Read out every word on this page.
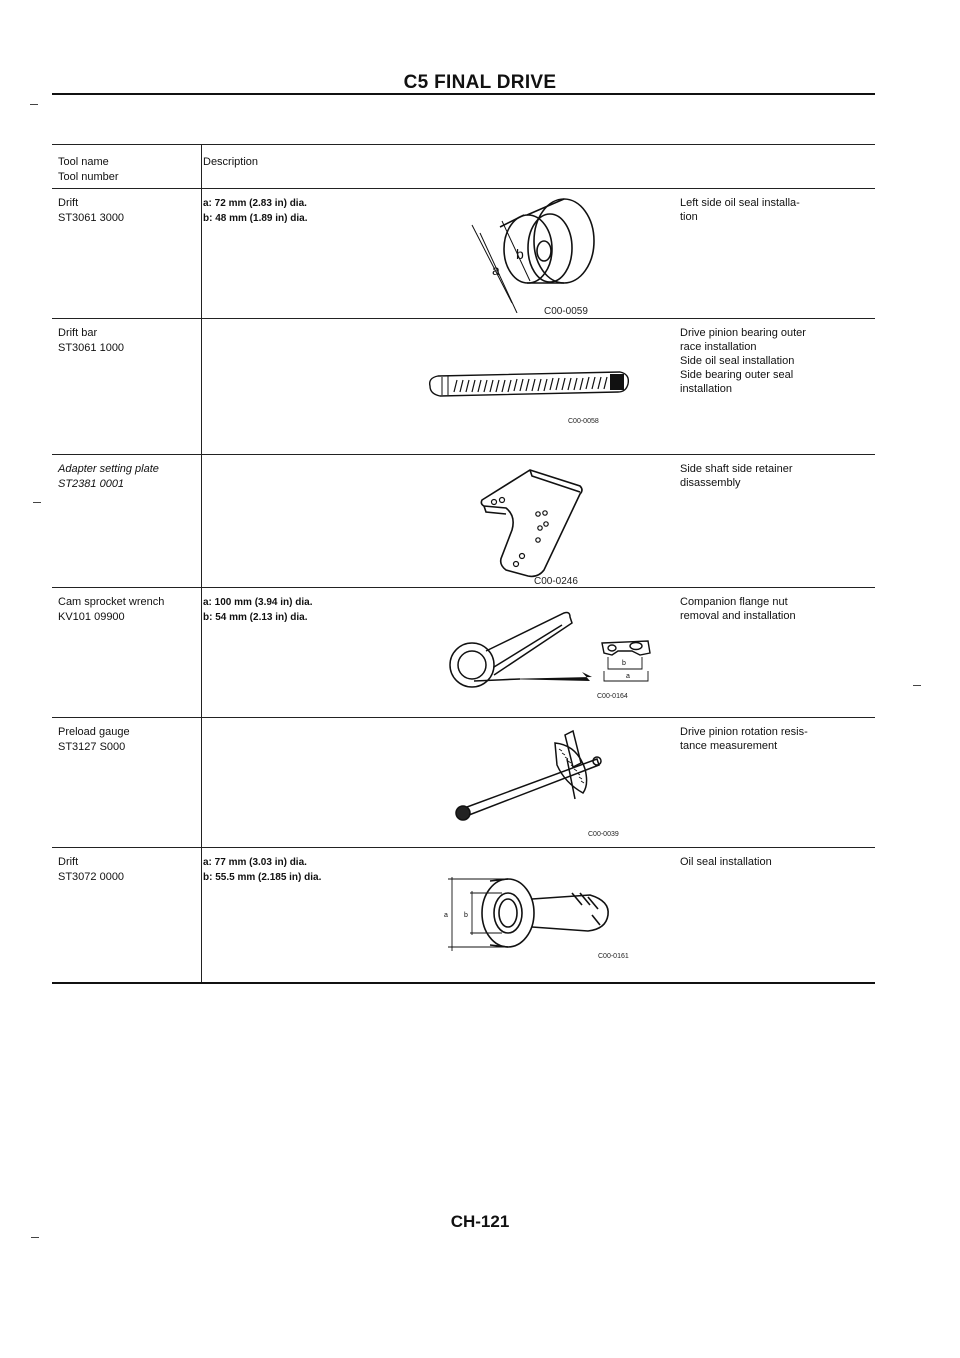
C5 FINAL DRIVE
Tool name
Tool number
Description
Drift
ST3061 3000
a: 72 mm (2.83 in) dia.
b: 48 mm (1.89 in) dia.
Left side oil seal installa-
tion
a
b
C00-0059
Drift bar
ST3061 1000
Drive pinion bearing outer
race installation
Side oil seal installation
Side bearing outer seal
installation
C00-0058
Adapter setting plate
ST2381 0001
Side shaft side retainer
disassembly
C00-0246
Cam sprocket wrench
KV101 09900
a: 100 mm (3.94 in) dia.
b: 54 mm (2.13 in) dia.
Companion flange nut
removal and installation
b
a
C00-0164
Preload gauge
ST3127 S000
Drive pinion rotation resis-
tance measurement
C00-0039
Drift
ST3072 0000
a: 77 mm (3.03 in) dia.
b: 55.5 mm (2.185 in) dia.
Oil seal installation
a b
C00-0161
CH-121
